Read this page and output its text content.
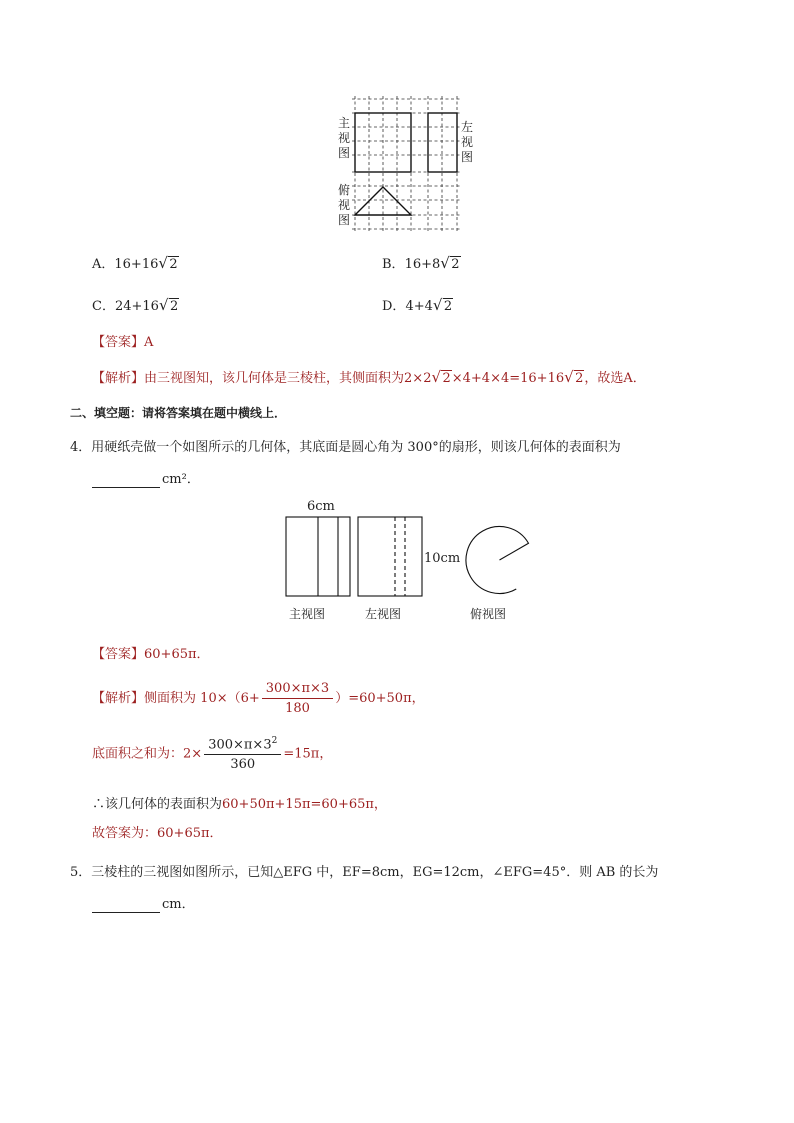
主
视
图
左
视
图
俯
视
图
A．16+16 √ 2	B．16+8 √ 2
C．24+16 √ 2	D．4+4 √ 2
【答案】A
【解析】由三视图知，该几何体是三棱柱，其侧面积为2×2 √ 2×4+4×4=16+16 √ 2，故选A．
二、填空题：请将答案填在题中横线上．
4．用硬纸壳做一个如图所示的几何体，其底面是圆心角为 300°的扇形，则该几何体的表面积为
cm²．
6cm
10cm
主视图	左视图	俯视图
【答案】60+65π．
【解析】侧面积为 $10\times(6+ \frac{300\times\pi\times 3}{180} )=60+50\pi$，
底面积之和为：$2\times \frac{300\times\pi\times 3^2}{360} =15\pi$，
∴该几何体的表面积为60+50π+15π=60+65π，
故答案为：60+65π．
5．三棱柱的三视图如图所示，已知△EFG 中，EF=8cm，EG=12cm，∠EFG=45°．则 AB 的长为
cm．
